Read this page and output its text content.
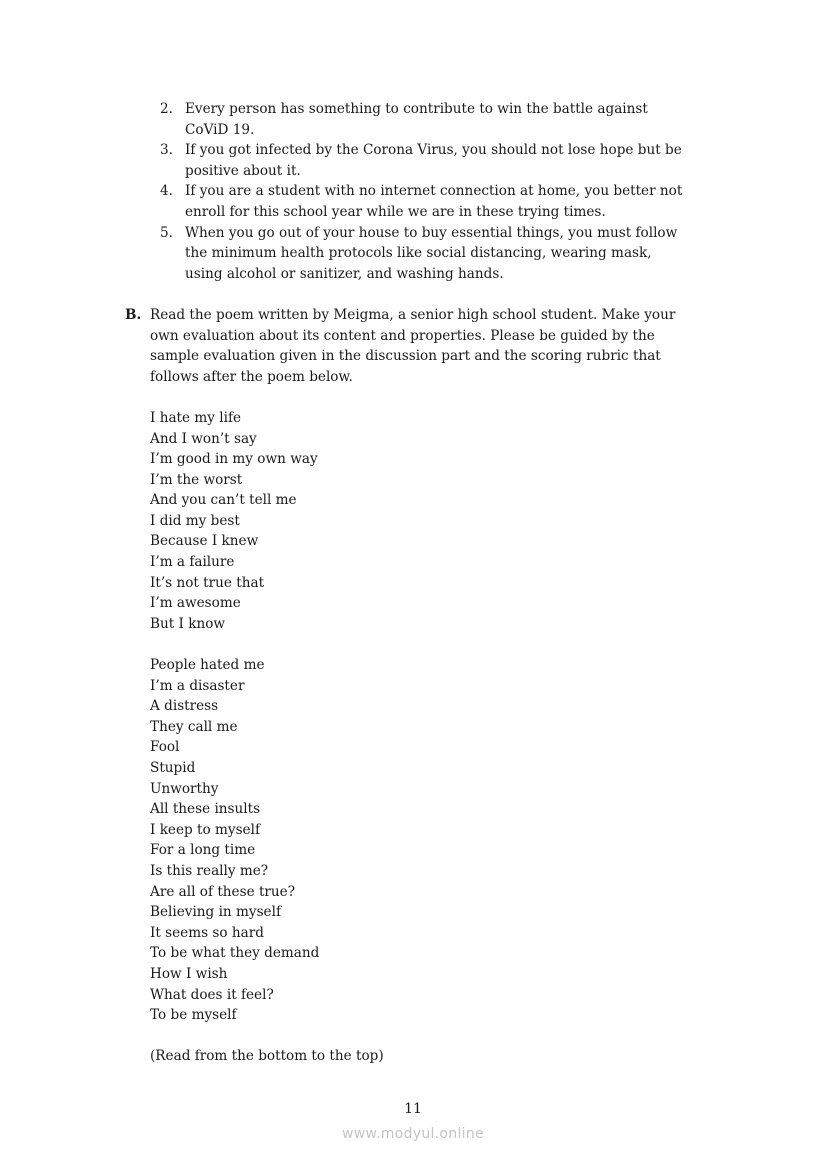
2. Every person has something to contribute to win the battle against
CoViD 19.
3. If you got infected by the Corona Virus, you should not lose hope but be
positive about it.
4. If you are a student with no internet connection at home, you better not
enroll for this school year while we are in these trying times.
5. When you go out of your house to buy essential things, you must follow
the minimum health protocols like social distancing, wearing mask,
using alcohol or sanitizer, and washing hands.
B. Read the poem written by Meigma, a senior high school student. Make your
own evaluation about its content and properties. Please be guided by the
sample evaluation given in the discussion part and the scoring rubric that
follows after the poem below.
I hate my life
And I won’t say
I’m good in my own way
I’m the worst
And you can’t tell me
I did my best
Because I knew
I’m a failure
It’s not true that
I’m awesome
But I know
People hated me
I’m a disaster
A distress
They call me
Fool
Stupid
Unworthy
All these insults
I keep to myself
For a long time
Is this really me?
Are all of these true?
Believing in myself
It seems so hard
To be what they demand
How I wish
What does it feel?
To be myself
(Read from the bottom to the top)
11
www.modyul.online
